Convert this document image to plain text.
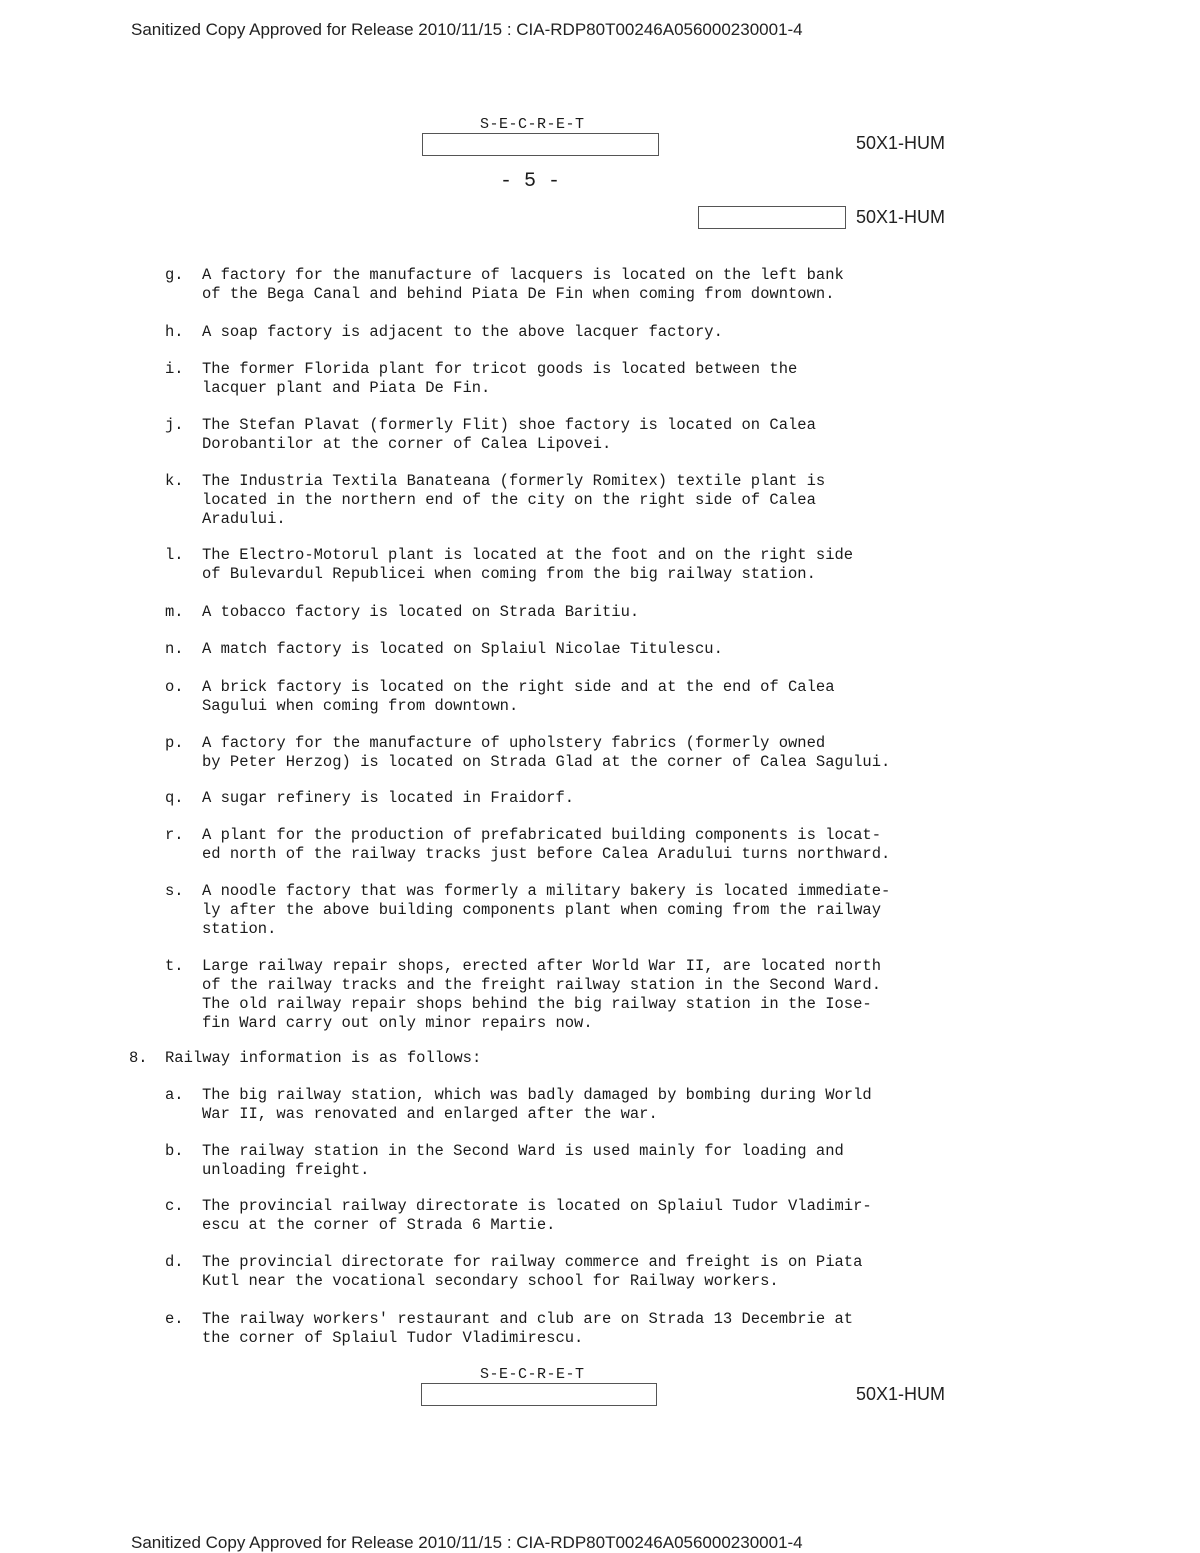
Sanitized Copy Approved for Release 2010/11/15 : CIA-RDP80T00246A056000230001-4
Sanitized Copy Approved for Release 2010/11/15 : CIA-RDP80T00246A056000230001-4
S-E-C-R-E-T
50X1-HUM
- 5 -
50X1-HUM
g. A factory for the manufacture of lacquers is located on the left bank
of the Bega Canal and behind Piata De Fin when coming from downtown.
h. A soap factory is adjacent to the above lacquer factory.
i. The former Florida plant for tricot goods is located between the
lacquer plant and Piata De Fin.
j. The Stefan Plavat (formerly Flit) shoe factory is located on Calea
Dorobantilor at the corner of Calea Lipovei.
k. The Industria Textila Banateana (formerly Romitex) textile plant is
located in the northern end of the city on the right side of Calea
Aradului.
l. The Electro-Motorul plant is located at the foot and on the right side
of Bulevardul Republicei when coming from the big railway station.
m. A tobacco factory is located on Strada Baritiu.
n. A match factory is located on Splaiul Nicolae Titulescu.
o. A brick factory is located on the right side and at the end of Calea
Sagului when coming from downtown.
p. A factory for the manufacture of upholstery fabrics (formerly owned
by Peter Herzog) is located on Strada Glad at the corner of Calea Sagului.
q. A sugar refinery is located in Fraidorf.
r. A plant for the production of prefabricated building components is locat-
ed north of the railway tracks just before Calea Aradului turns northward.
s. A noodle factory that was formerly a military bakery is located immediate-
ly after the above building components plant when coming from the railway
station.
t. Large railway repair shops, erected after World War II, are located north
of the railway tracks and the freight railway station in the Second Ward.
The old railway repair shops behind the big railway station in the Iose-
fin Ward carry out only minor repairs now.
8. Railway information is as follows:
a. The big railway station, which was badly damaged by bombing during World
War II, was renovated and enlarged after the war.
b. The railway station in the Second Ward is used mainly for loading and
unloading freight.
c. The provincial railway directorate is located on Splaiul Tudor Vladimir-
escu at the corner of Strada 6 Martie.
d. The provincial directorate for railway commerce and freight is on Piata
Kutl near the vocational secondary school for Railway workers.
e. The railway workers' restaurant and club are on Strada 13 Decembrie at
the corner of Splaiul Tudor Vladimirescu.
S-E-C-R-E-T
50X1-HUM
